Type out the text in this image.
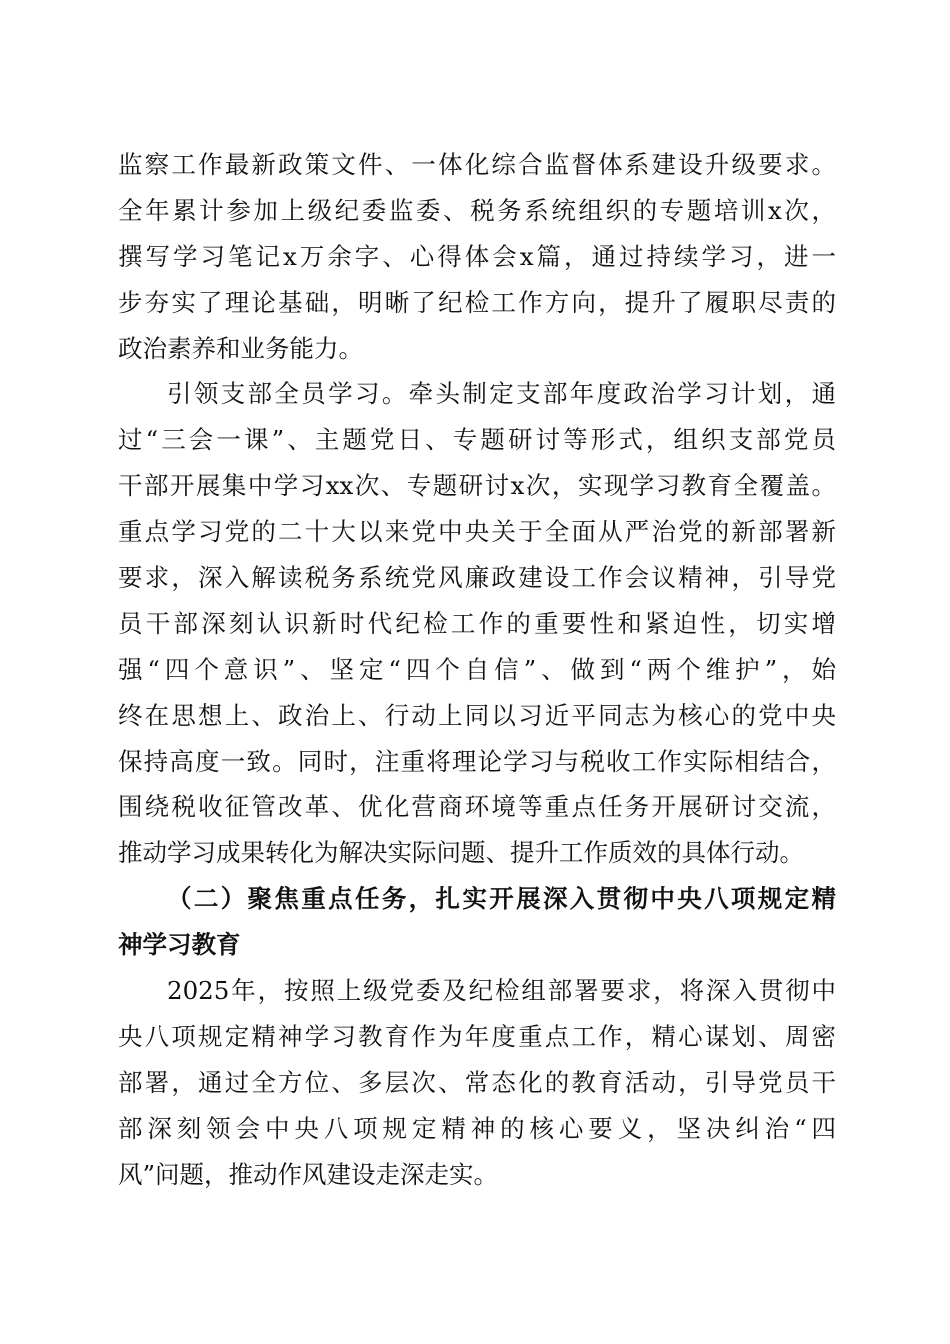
监察工作最新政策文件、一体化综合监督体系建设升级要求。
全年累计参加上级纪委监委、税务系统组织的专题培训x次，
撰写学习笔记x万余字、心得体会x篇，通过持续学习，进一
步夯实了理论基础，明晰了纪检工作方向，提升了履职尽责的
政治素养和业务能力。
引领支部全员学习。牵头制定支部年度政治学习计划，通
过“三会一课”、主题党日、专题研讨等形式，组织支部党员
干部开展集中学习xx次、专题研讨x次，实现学习教育全覆盖。
重点学习党的二十大以来党中央关于全面从严治党的新部署新
要求，深入解读税务系统党风廉政建设工作会议精神，引导党
员干部深刻认识新时代纪检工作的重要性和紧迫性，切实增
强“四个意识”、坚定“四个自信”、做到“两个维护”，始
终在思想上、政治上、行动上同以习近平同志为核心的党中央
保持高度一致。同时，注重将理论学习与税收工作实际相结合，
围绕税收征管改革、优化营商环境等重点任务开展研讨交流，
推动学习成果转化为解决实际问题、提升工作质效的具体行动。
（二）聚焦重点任务，扎实开展深入贯彻中央八项规定精
神学习教育
2025年，按照上级党委及纪检组部署要求，将深入贯彻中
央八项规定精神学习教育作为年度重点工作，精心谋划、周密
部署，通过全方位、多层次、常态化的教育活动，引导党员干
部深刻领会中央八项规定精神的核心要义，坚决纠治“四
风”问题，推动作风建设走深走实。
